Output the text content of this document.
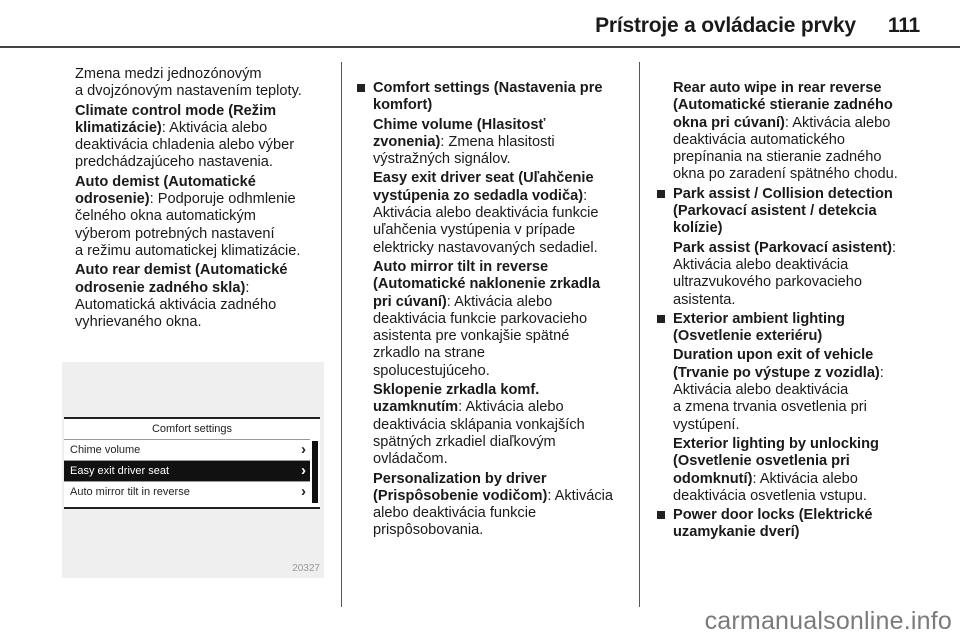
Prístroje a ovládacie prvky 111

Zmena medzi jednozónovým
a dvojzónovým nastavením teploty.

Climate control mode (Režim
klimatizácie): Aktivácia alebo
deaktivácia chladenia alebo výber
predchádzajúceho nastavenia.

Auto demist (Automatické
odrosenie): Podporuje odhmlenie
čelného okna automatickým
výberom potrebných nastavení
a režimu automatickej klimatizácie.

Auto rear demist (Automatické
odrosenie zadného skla):
Automatická aktivácia zadného
vyhrievaného okna.

Comfort settings
Chime volume	›
Easy exit driver seat	›
Auto mirror tilt in reverse	›
20327

Comfort settings (Nastavenia pre
komfort)

Chime volume (Hlasitosť
zvonenia): Zmena hlasitosti
výstražných signálov.

Easy exit driver seat (Uľahčenie
vystúpenia zo sedadla vodiča):
Aktivácia alebo deaktivácia funkcie
uľahčenia vystúpenia v prípade
elektricky nastavovaných sedadiel.

Auto mirror tilt in reverse
(Automatické naklonenie zrkadla
pri cúvaní): Aktivácia alebo
deaktivácia funkcie parkovacieho
asistenta pre vonkajšie spätné
zrkadlo na strane
spolucestujúceho.

Sklopenie zrkadla komf.
uzamknutím: Aktivácia alebo
deaktivácia sklápania vonkajších
spätných zrkadiel diaľkovým
ovládačom.

Personalization by driver
(Prispôsobenie vodičom): Aktivácia
alebo deaktivácia funkcie
prispôsobovania.

Rear auto wipe in rear reverse
(Automatické stieranie zadného
okna pri cúvaní): Aktivácia alebo
deaktivácia automatického
prepínania na stieranie zadného
okna po zaradení spätného chodu.

Park assist / Collision detection
(Parkovací asistent / detekcia
kolízie)

Park assist (Parkovací asistent):
Aktivácia alebo deaktivácia
ultrazvukového parkovacieho
asistenta.

Exterior ambient lighting
(Osvetlenie exteriéru)

Duration upon exit of vehicle
(Trvanie po výstupe z vozidla):
Aktivácia alebo deaktivácia
a zmena trvania osvetlenia pri
vystúpení.

Exterior lighting by unlocking
(Osvetlenie osvetlenia pri
odomknutí): Aktivácia alebo
deaktivácia osvetlenia vstupu.

Power door locks (Elektrické
uzamykanie dverí)

carmanualsonline.info
